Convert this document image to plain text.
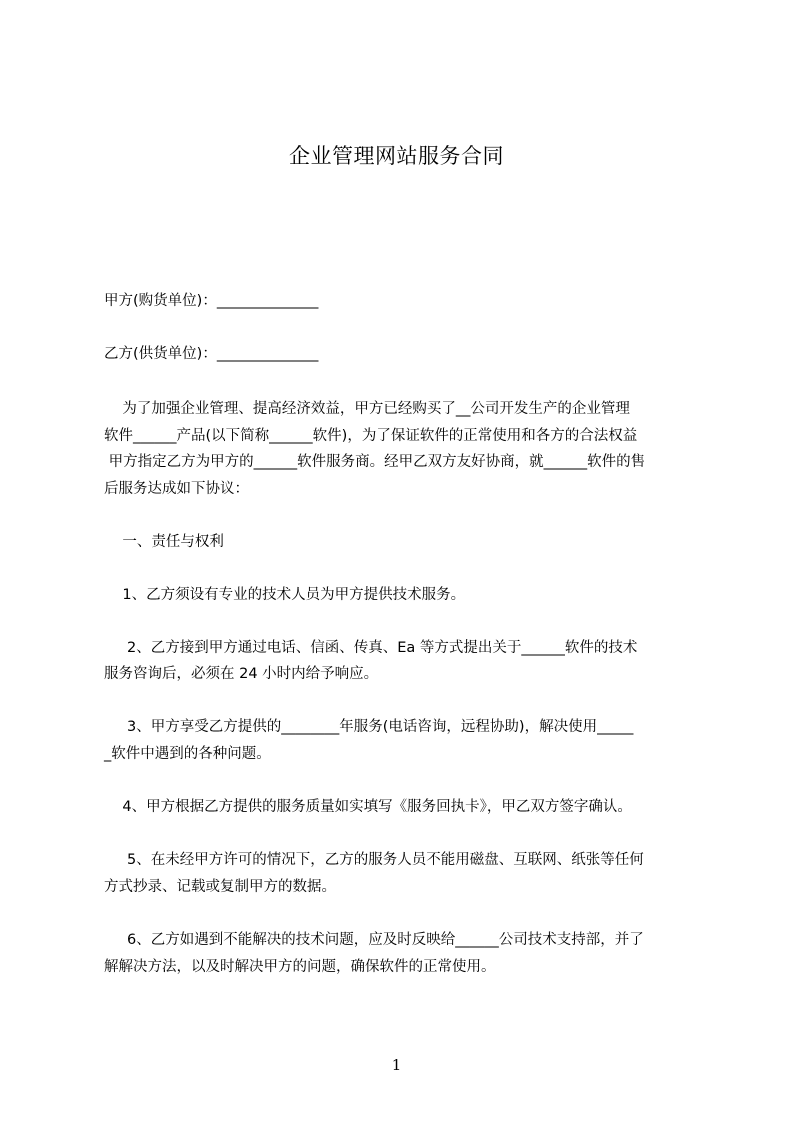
企业管理网站服务合同
甲方(购货单位)：______________
乙方(供货单位)：______________
为了加强企业管理、提高经济效益，甲方已经购买了__公司开发生产的企业管理
软件______产品(以下简称______软件)，为了保证软件的正常使用和各方的合法权益
甲方指定乙方为甲方的______软件服务商。经甲乙双方友好协商，就______软件的售
后服务达成如下协议：
一、责任与权利
1、乙方须设有专业的技术人员为甲方提供技术服务。
2、乙方接到甲方通过电话、信函、传真、Ea 等方式提出关于______软件的技术
服务咨询后，必须在 24 小时内给予响应。
3、甲方享受乙方提供的________年服务(电话咨询，远程协助)，解决使用_____
_软件中遇到的各种问题。
4、甲方根据乙方提供的服务质量如实填写《服务回执卡》，甲乙双方签字确认。
5、在未经甲方许可的情况下，乙方的服务人员不能用磁盘、互联网、纸张等任何
方式抄录、记载或复制甲方的数据。
6、乙方如遇到不能解决的技术问题，应及时反映给______公司技术支持部，并了
解解决方法，以及时解决甲方的问题，确保软件的正常使用。
1
